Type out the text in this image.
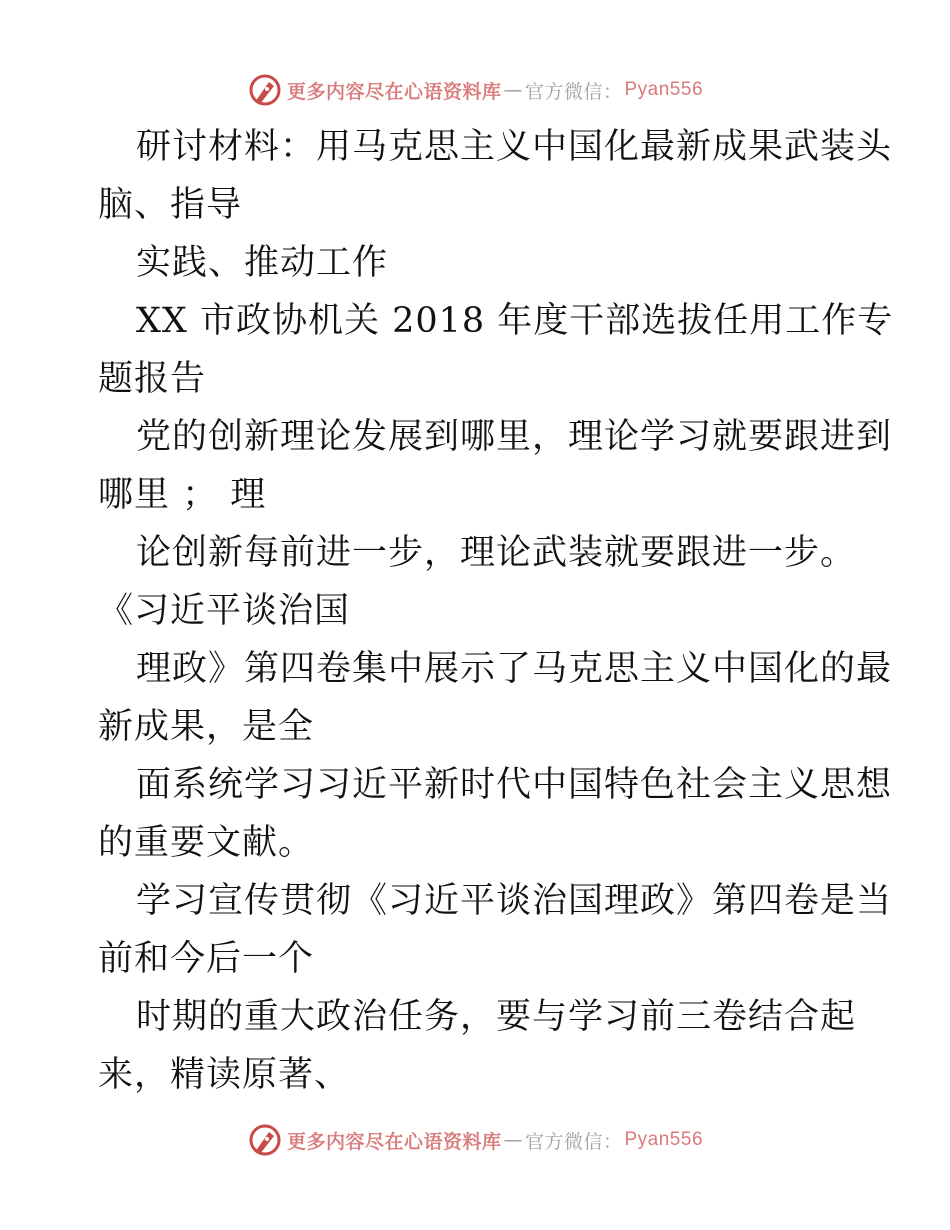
更多内容尽在心语资料库 — 官方微信： Pyan556
研讨材料：用马克思主义中国化最新成果武装头
脑、指导
实践、推动工作
XX 市政协机关 2018 年度干部选拔任用工作专
题报告
党的创新理论发展到哪里，理论学习就要跟进到
哪里 ； 理
论创新每前进一步，理论武装就要跟进一步。
《习近平谈治国
理政》第四卷集中展示了马克思主义中国化的最
新成果，是全
面系统学习习近平新时代中国特色社会主义思想
的重要文献。
学习宣传贯彻《习近平谈治国理政》第四卷是当
前和今后一个
时期的重大政治任务，要与学习前三卷结合起
来，精读原著、
更多内容尽在心语资料库 — 官方微信： Pyan556
